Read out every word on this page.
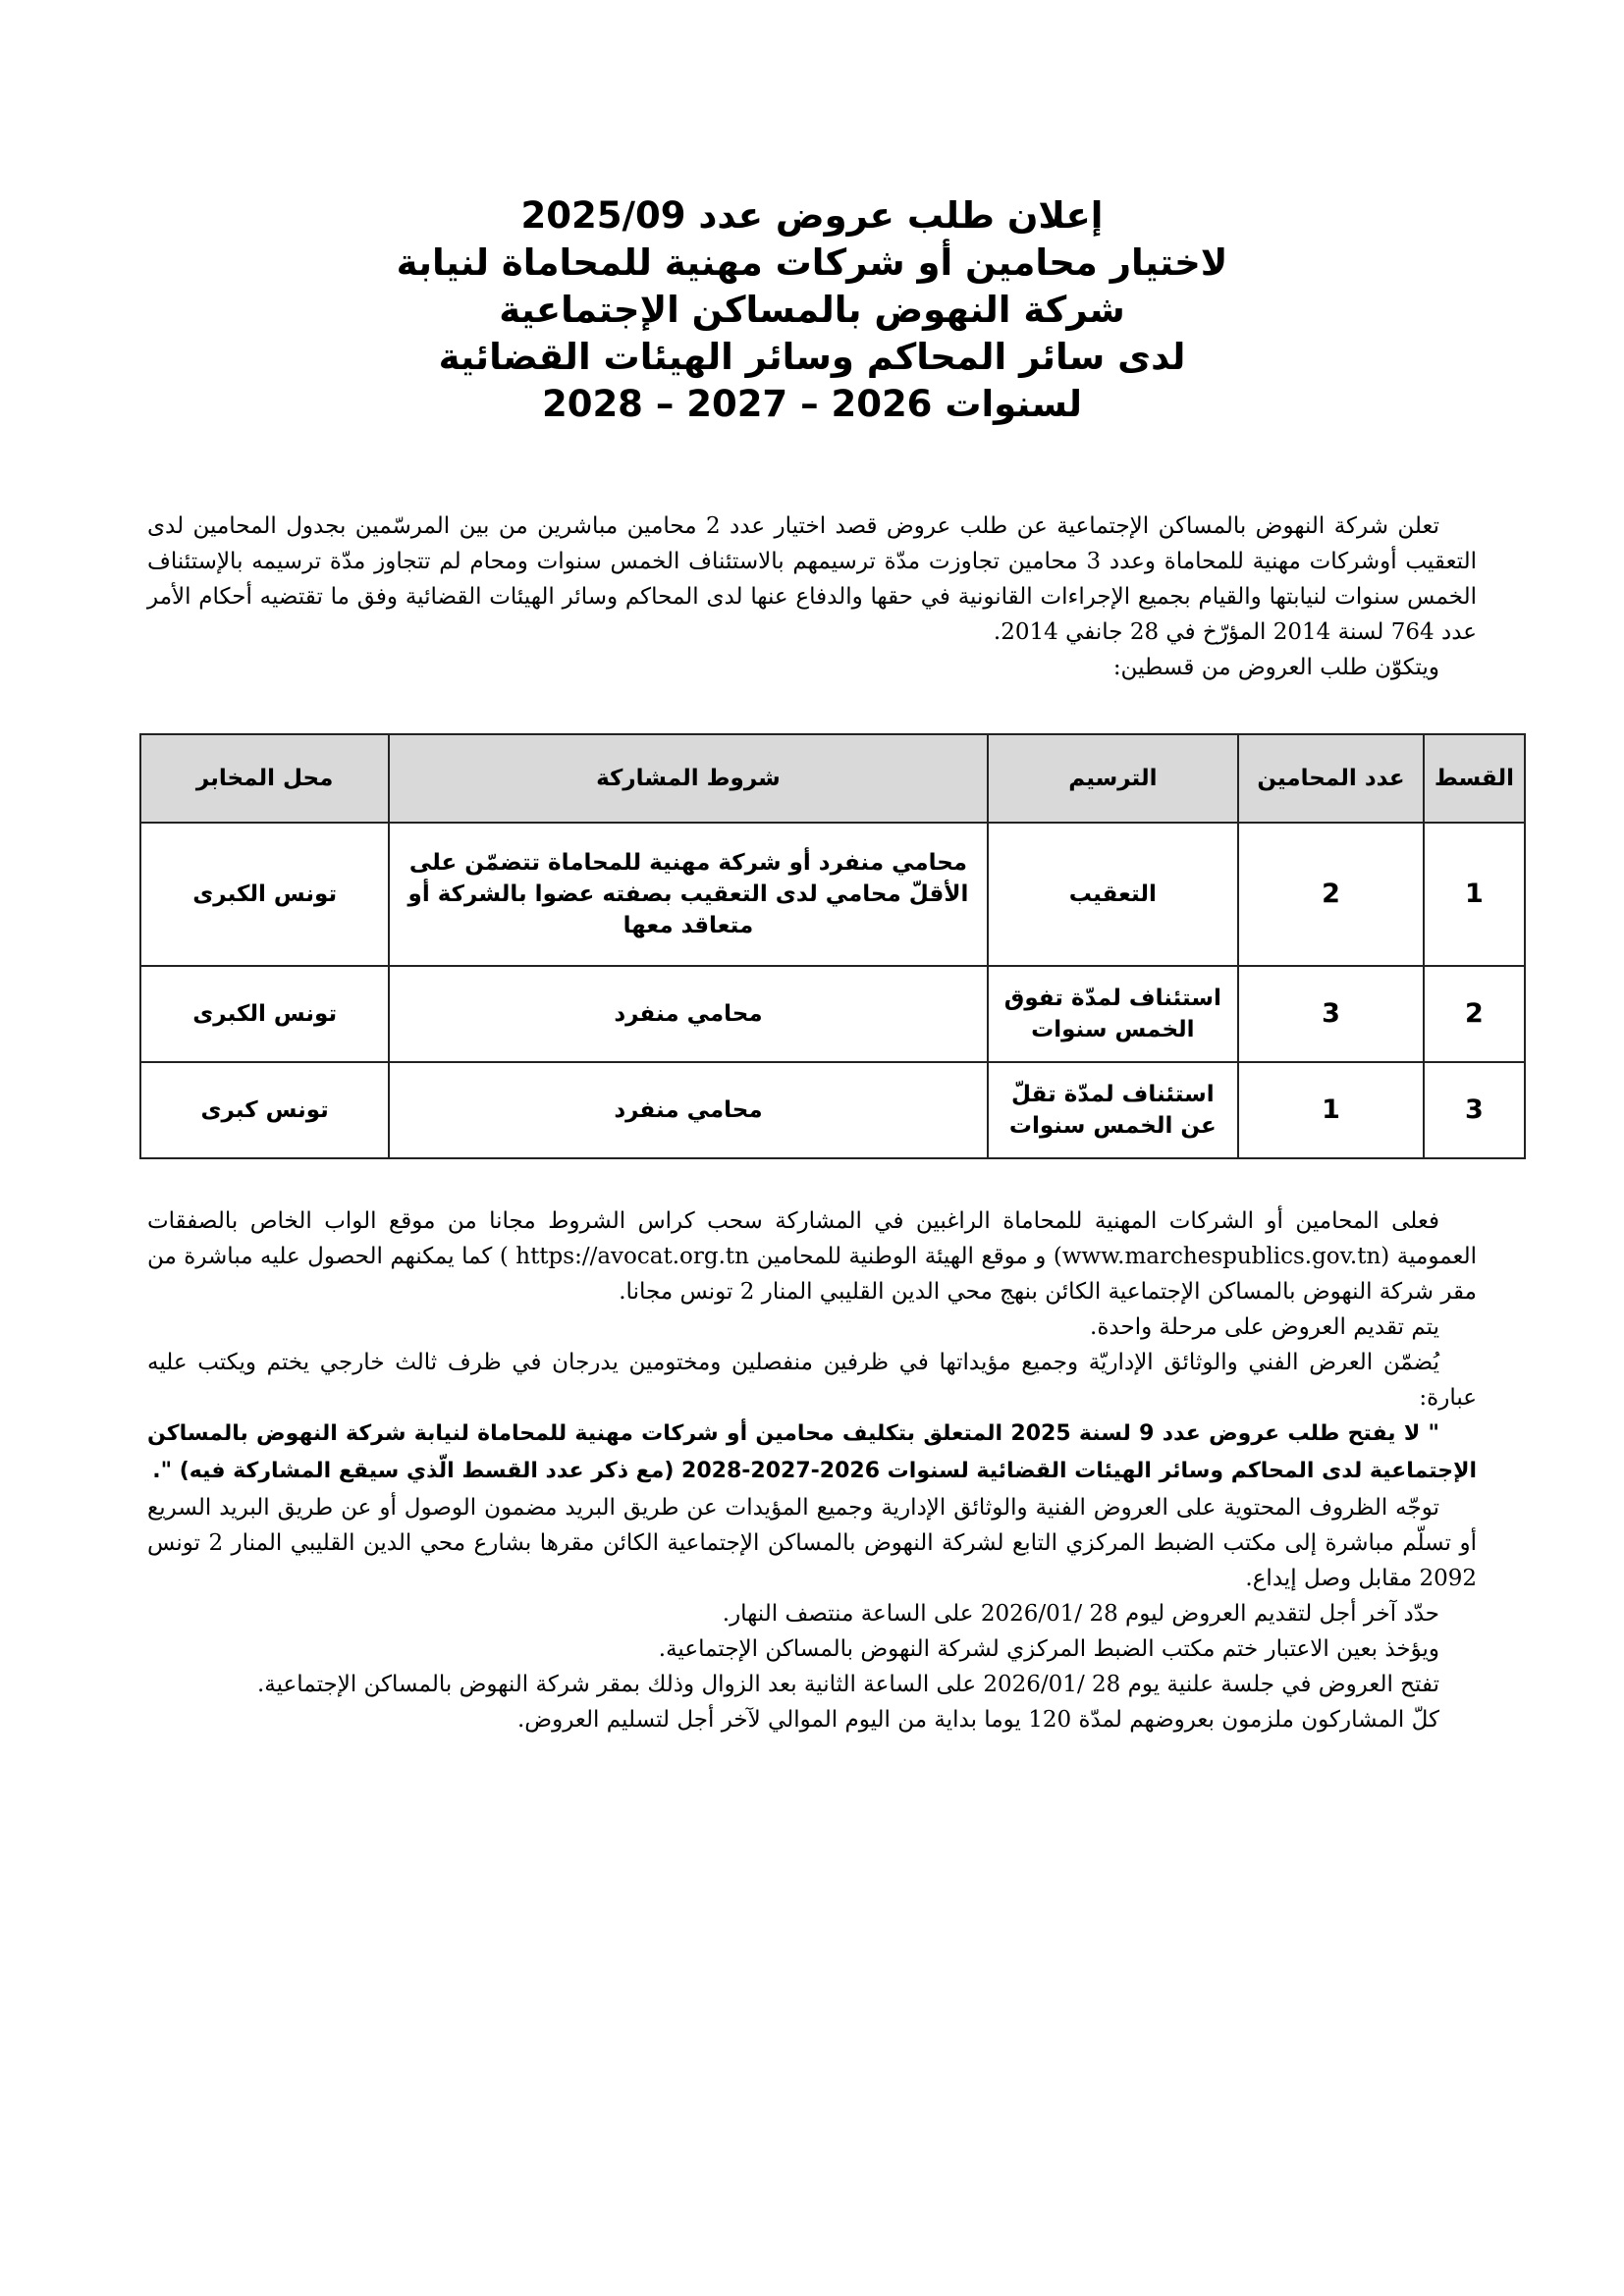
إعلان طلب عروض عدد 2025/09

لاختيار محامين أو شركات مهنية للمحاماة لنيابة

شركة النهوض بالمساكن الإجتماعية

لدى سائر المحاكم وسائر الهيئات القضائية

لسنوات 2026 – 2027 – 2028

تعلن شركة النهوض بالمساكن الإجتماعية عن طلب عروض قصد اختيار عدد 2 محامين مباشرين من بين المرسّمين بجدول المحامين لدى التعقيب أوشركات مهنية للمحاماة وعدد 3 محامين تجاوزت مدّة ترسيمهم بالاستئناف الخمس سنوات ومحام لم تتجاوز مدّة ترسيمه بالإستئناف الخمس سنوات لنيابتها والقيام بجميع الإجراءات القانونية في حقها والدفاع عنها لدى المحاكم وسائر الهيئات القضائية وفق ما تقتضيه أحكام الأمر عدد 764 لسنة 2014 المؤرّخ في 28 جانفي 2014.

ويتكوّن طلب العروض من قسطين:

القسط	عدد المحامين	الترسيم	شروط المشاركة	محل المخابر
1	2	التعقيب	محامي منفرد أو شركة مهنية للمحاماة تتضمّن على الأقلّ محامي لدى التعقيب بصفته عضوا بالشركة أو متعاقد معها	تونس الكبرى
2	3	استئناف لمدّة تفوق الخمس سنوات	محامي منفرد	تونس الكبرى
3	1	استئناف لمدّة تقلّ عن الخمس سنوات	محامي منفرد	تونس كبرى

فعلى المحامين أو الشركات المهنية للمحاماة الراغبين في المشاركة سحب كراس الشروط مجانا من موقع الواب الخاص بالصفقات العمومية (www.marchespublics.gov.tn) و موقع الهيئة الوطنية للمحامين ( https://avocat.org.tn كما يمكنهم الحصول عليه مباشرة من مقر شركة النهوض بالمساكن الإجتماعية الكائن بنهج محي الدين القليبي المنار 2 تونس مجانا.

يتم تقديم العروض على مرحلة واحدة.

يُضمّن العرض الفني والوثائق الإداريّة وجميع مؤيداتها في ظرفين منفصلين ومختومين يدرجان في ظرف ثالث خارجي يختم ويكتب عليه عبارة:

" لا يفتح طلب عروض عدد 9 لسنة 2025 المتعلق بتكليف محامين أو شركات مهنية للمحاماة لنيابة شركة النهوض بالمساكن الإجتماعية لدى المحاكم وسائر الهيئات القضائية لسنوات 2026-2027-2028 (مع ذكر عدد القسط الّذي سيقع المشاركة فيه) ".

توجّه الظروف المحتوية على العروض الفنية والوثائق الإدارية وجميع المؤيدات عن طريق البريد مضمون الوصول أو عن طريق البريد السريع أو تسلّم مباشرة إلى مكتب الضبط المركزي التابع لشركة النهوض بالمساكن الإجتماعية الكائن مقرها بشارع محي الدين القليبي المنار 2 تونس 2092 مقابل وصل إيداع.

حدّد آخر أجل لتقديم العروض ليوم 28 /2026/01 على الساعة منتصف النهار.

ويؤخذ بعين الاعتبار ختم مكتب الضبط المركزي لشركة النهوض بالمساكن الإجتماعية.

تفتح العروض في جلسة علنية يوم 28 /2026/01 على الساعة الثانية بعد الزوال وذلك بمقر شركة النهوض بالمساكن الإجتماعية.

كلّ المشاركون ملزمون بعروضهم لمدّة 120 يوما بداية من اليوم الموالي لآخر أجل لتسليم العروض.
